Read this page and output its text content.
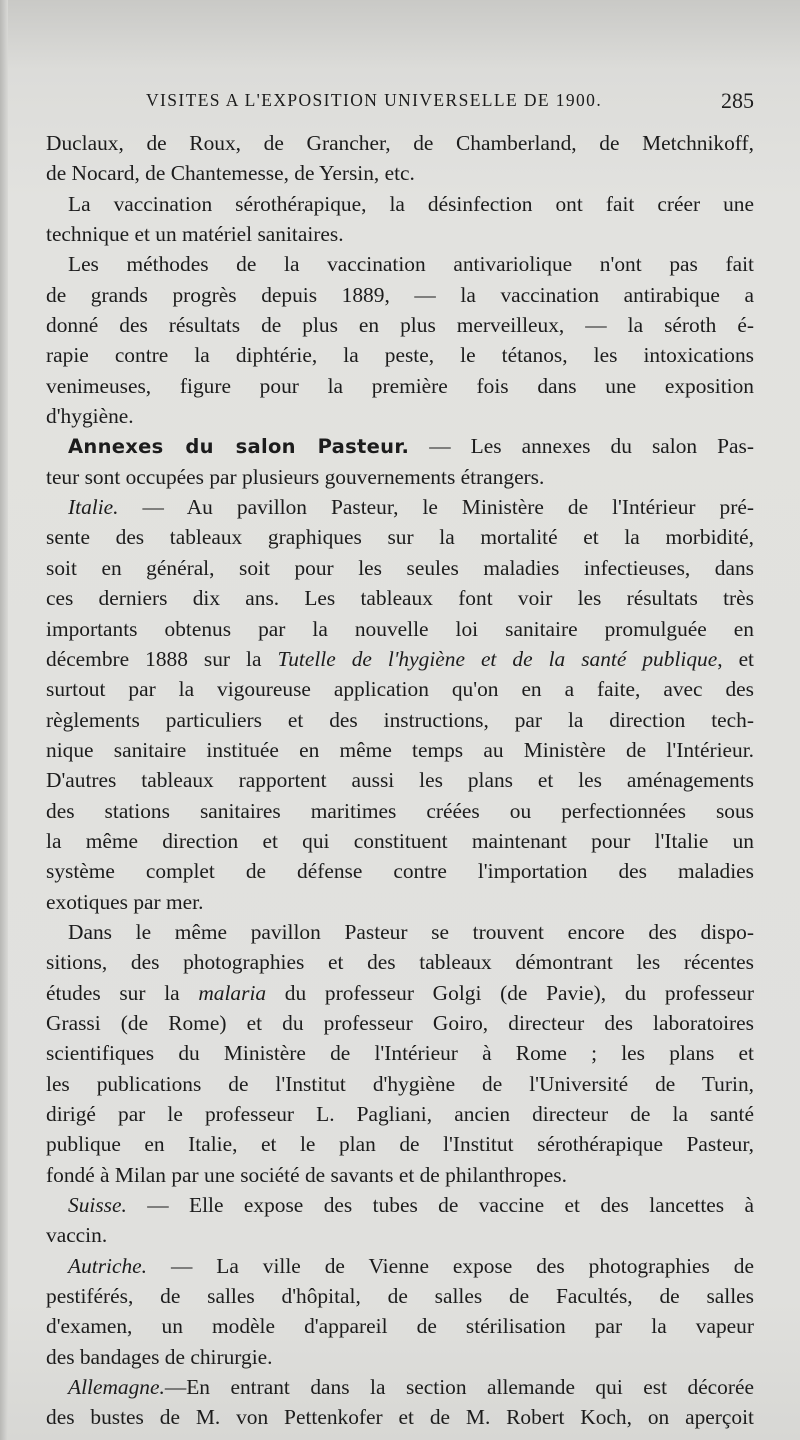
VISITES A L'EXPOSITION UNIVERSELLE DE 1900.	285
Duclaux, de Roux, de Grancher, de Chamberland, de Metchnikoff,
de Nocard, de Chantemesse, de Yersin, etc.
La vaccination sérothérapique, la désinfection ont fait créer une
technique et un matériel sanitaires.
Les méthodes de la vaccination antivariolique n'ont pas fait
de grands progrès depuis 1889, — la vaccination antirabique a
donné des résultats de plus en plus merveilleux, — la séroth é-
rapie contre la diphtérie, la peste, le tétanos, les intoxications
venimeuses, figure pour la première fois dans une exposition
d'hygiène.
Annexes du salon Pasteur. — Les annexes du salon Pas-
teur sont occupées par plusieurs gouvernements étrangers.
Italie. — Au pavillon Pasteur, le Ministère de l'Intérieur pré-
sente des tableaux graphiques sur la mortalité et la morbidité,
soit en général, soit pour les seules maladies infectieuses, dans
ces derniers dix ans. Les tableaux font voir les résultats très
importants obtenus par la nouvelle loi sanitaire promulguée en
décembre 1888 sur la Tutelle de l'hygiène et de la santé publique, et
surtout par la vigoureuse application qu'on en a faite, avec des
règlements particuliers et des instructions, par la direction tech-
nique sanitaire instituée en même temps au Ministère de l'Intérieur.
D'autres tableaux rapportent aussi les plans et les aménagements
des stations sanitaires maritimes créées ou perfectionnées sous
la même direction et qui constituent maintenant pour l'Italie un
système complet de défense contre l'importation des maladies
exotiques par mer.
Dans le même pavillon Pasteur se trouvent encore des dispo-
sitions, des photographies et des tableaux démontrant les récentes
études sur la malaria du professeur Golgi (de Pavie), du professeur
Grassi (de Rome) et du professeur Goiro, directeur des laboratoires
scientifiques du Ministère de l'Intérieur à Rome ; les plans et
les publications de l'Institut d'hygiène de l'Université de Turin,
dirigé par le professeur L. Pagliani, ancien directeur de la santé
publique en Italie, et le plan de l'Institut sérothérapique Pasteur,
fondé à Milan par une société de savants et de philanthropes.
Suisse. — Elle expose des tubes de vaccine et des lancettes à
vaccin.
Autriche. — La ville de Vienne expose des photographies de
pestiférés, de salles d'hôpital, de salles de Facultés, de salles
d'examen, un modèle d'appareil de stérilisation par la vapeur
des bandages de chirurgie.
Allemagne.—En entrant dans la section allemande qui est décorée
des bustes de M. von Pettenkofer et de M. Robert Koch, on aperçoit
